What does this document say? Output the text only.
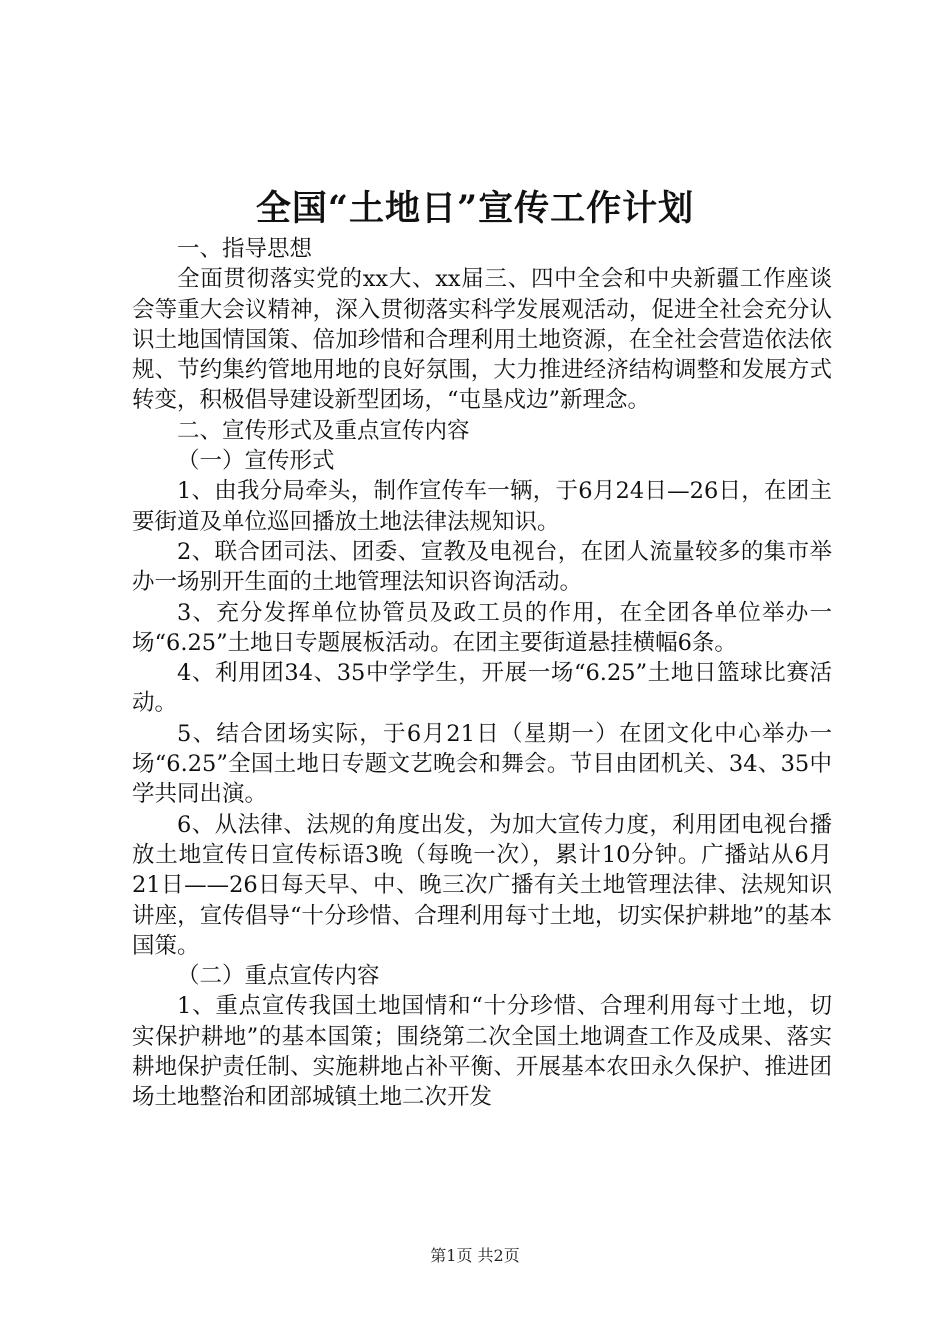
全国“土地日”宣传工作计划

一、指导思想

全面贯彻落实党的xx大、xx届三、四中全会和中央新疆工作座谈会等重大会议精神，深入贯彻落实科学发展观活动，促进全社会充分认识土地国情国策、倍加珍惜和合理利用土地资源，在全社会营造依法依规、节约集约管地用地的良好氛围，大力推进经济结构调整和发展方式转变，积极倡导建设新型团场，“屯垦戍边”新理念。

二、宣传形式及重点宣传内容

（一）宣传形式

1、由我分局牵头，制作宣传车一辆，于6月24日—26日，在团主要街道及单位巡回播放土地法律法规知识。

2、联合团司法、团委、宣教及电视台，在团人流量较多的集市举办一场别开生面的土地管理法知识咨询活动。

3、充分发挥单位协管员及政工员的作用，在全团各单位举办一场“6.25”土地日专题展板活动。在团主要街道悬挂横幅6条。

4、利用团34、35中学学生，开展一场“6.25”土地日篮球比赛活动。

5、结合团场实际，于6月21日（星期一）在团文化中心举办一场“6.25”全国土地日专题文艺晚会和舞会。节目由团机关、34、35中学共同出演。

6、从法律、法规的角度出发，为加大宣传力度，利用团电视台播放土地宣传日宣传标语3晚（每晚一次），累计10分钟。广播站从6月21日——26日每天早、中、晚三次广播有关土地管理法律、法规知识讲座，宣传倡导“十分珍惜、合理利用每寸土地，切实保护耕地”的基本国策。

（二）重点宣传内容

1、重点宣传我国土地国情和“十分珍惜、合理利用每寸土地，切实保护耕地”的基本国策；围绕第二次全国土地调查工作及成果、落实耕地保护责任制、实施耕地占补平衡、开展基本农田永久保护、推进团场土地整治和团部城镇土地二次开发

第1页 共2页
